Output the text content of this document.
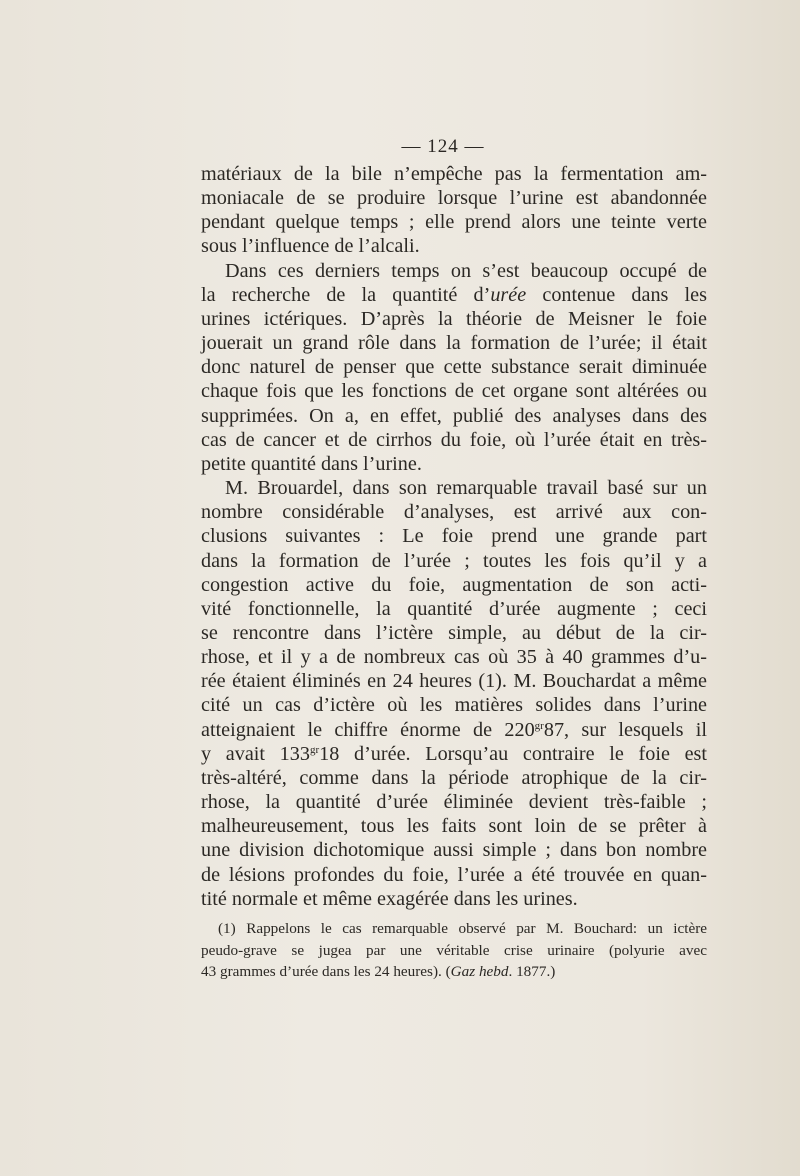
— 124 —
matériaux de la bile n’empêche pas la fermentation am-
moniacale de se produire lorsque l’urine est abandonnée
pendant quelque temps ; elle prend alors une teinte verte
sous l’influence de l’alcali.
Dans ces derniers temps on s’est beaucoup occupé de
la recherche de la quantité d’urée contenue dans les
urines ictériques. D’après la théorie de Meisner le foie
jouerait un grand rôle dans la formation de l’urée; il était
donc naturel de penser que cette substance serait diminuée
chaque fois que les fonctions de cet organe sont altérées ou
supprimées. On a, en effet, publié des analyses dans des
cas de cancer et de cirrhos du foie, où l’urée était en très-
petite quantité dans l’urine.
M. Brouardel, dans son remarquable travail basé sur un
nombre considérable d’analyses, est arrivé aux con-
clusions suivantes : Le foie prend une grande part
dans la formation de l’urée ; toutes les fois qu’il y a
congestion active du foie, augmentation de son acti-
vité fonctionnelle, la quantité d’urée augmente ; ceci
se rencontre dans l’ictère simple, au début de la cir-
rhose, et il y a de nombreux cas où 35 à 40 grammes d’u-
rée étaient éliminés en 24 heures (1). M. Bouchardat a même
cité un cas d’ictère où les matières solides dans l’urine
atteignaient le chiffre énorme de $220^{gr}87$, sur lesquels il
y avait $133^{gr}18$ d’urée. Lorsqu’au contraire le foie est
très-altéré, comme dans la période atrophique de la cir-
rhose, la quantité d’urée éliminée devient très-faible ;
malheureusement, tous les faits sont loin de se prêter à
une division dichotomique aussi simple ; dans bon nombre
de lésions profondes du foie, l’urée a été trouvée en quan-
tité normale et même exagérée dans les urines.
(1) Rappelons le cas remarquable observé par M. Bouchard: un ictère
peudo-grave se jugea par une véritable crise urinaire (polyurie avec
43 grammes d’urée dans les 24 heures). (Gaz hebd. 1877.)
